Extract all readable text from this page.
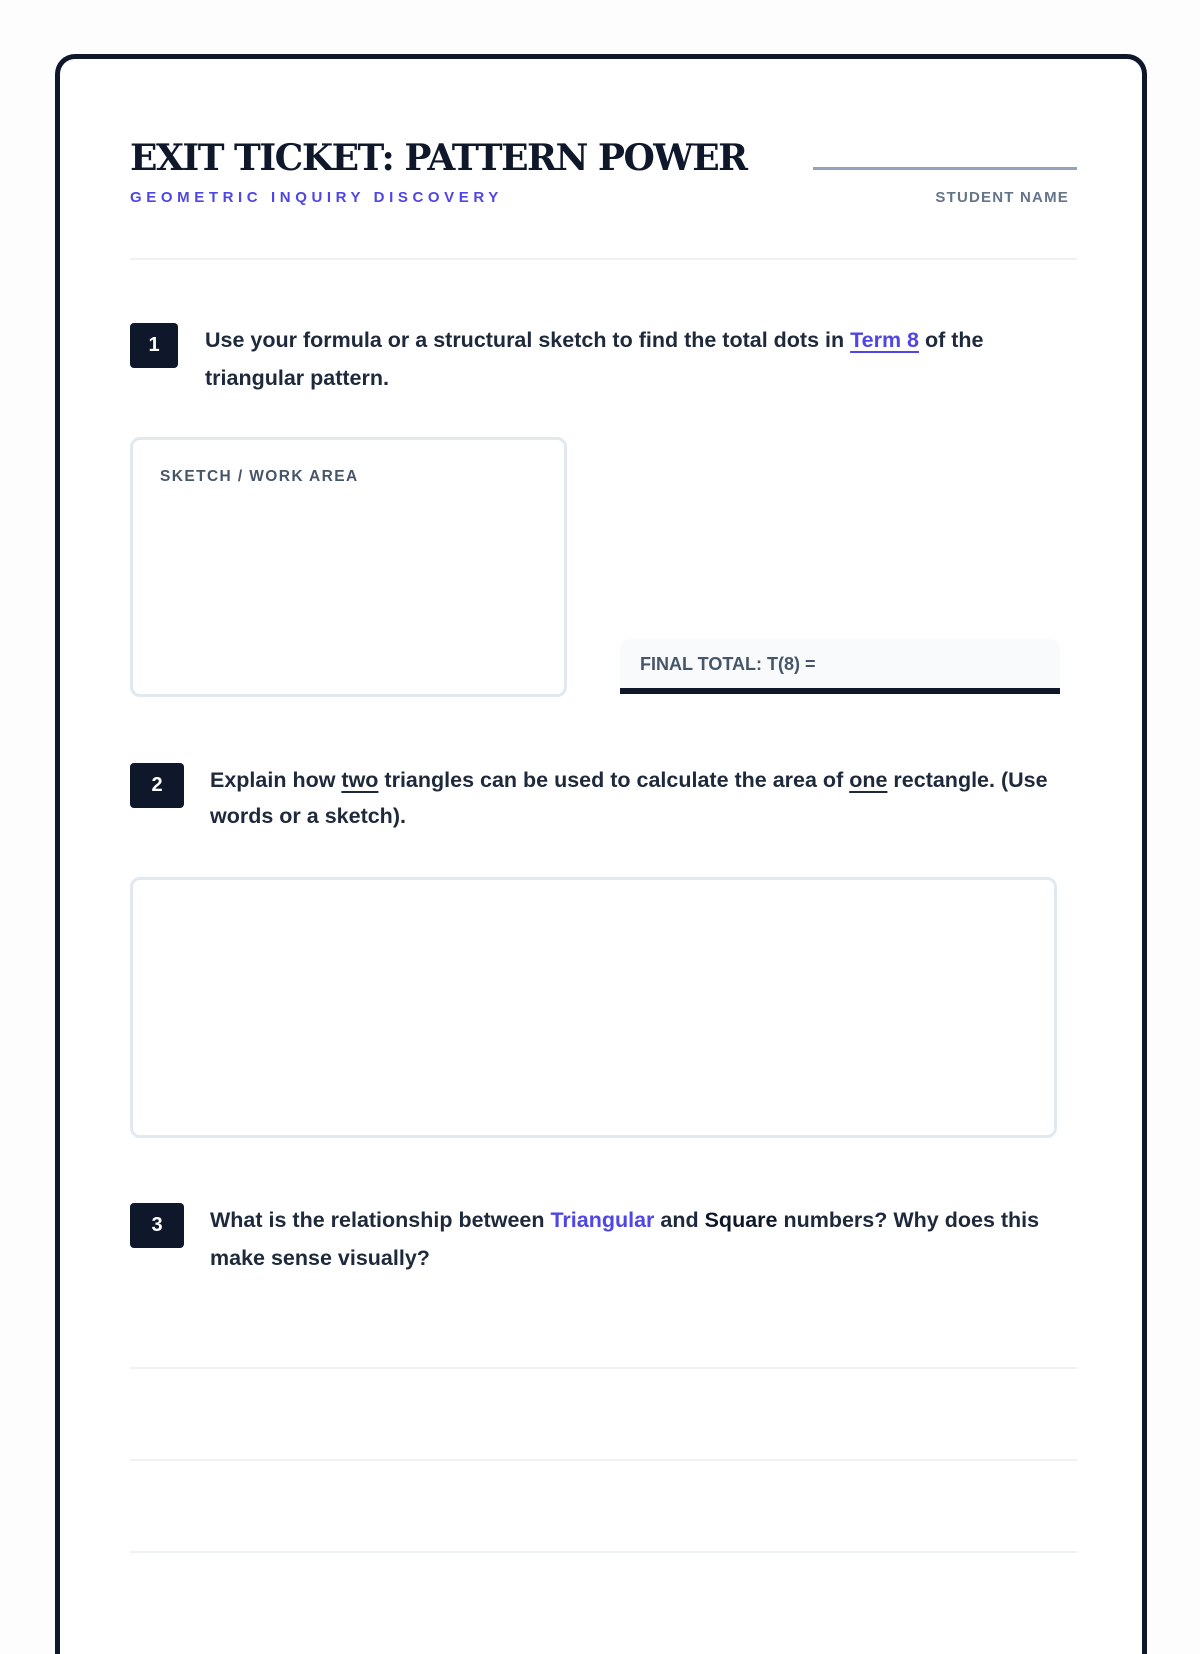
EXIT TICKET: PATTERN POWER
GEOMETRIC INQUIRY DISCOVERY	STUDENT NAME
1	Use your formula or a structural sketch to find the total dots in Term 8 of the triangular pattern.
SKETCH / WORK AREA
FINAL TOTAL: T(8) =
2	Explain how two triangles can be used to calculate the area of one rectangle. (Use words or a sketch).
3	What is the relationship between Triangular and Square numbers? Why does this make sense visually?
